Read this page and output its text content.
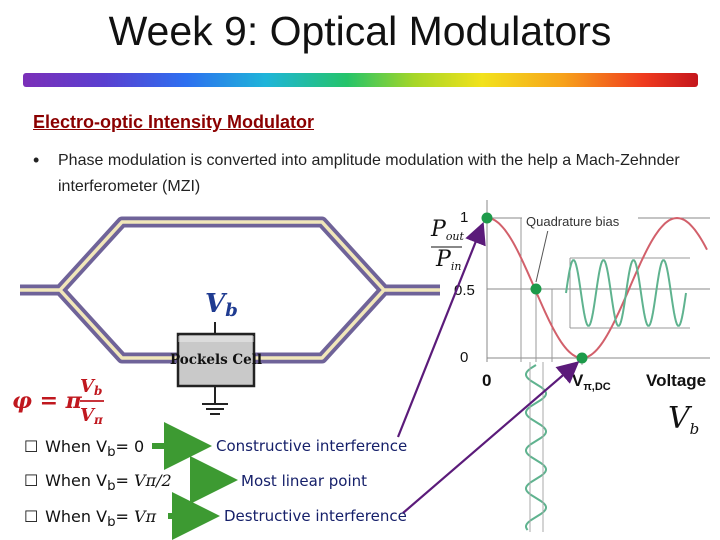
Week 9: Optical Modulators
Electro-optic Intensity Modulator
• Phase modulation is converted into amplitude modulation with the help a Mach-Zehnder interferometer (MZI)
Pockels Cell
Vb
φ = π
Vb
Vπ
Quadrature bias
1
0.5
0
0	$V_{\pi,DC}$ Voltage
Pout
Pin
$V_b$
☐ When $V_b= 0$
☐ When $V_b= V\pi/2$
☐ When $V_b= V\pi$
Constructive interference
Most linear point
Destructive interference
